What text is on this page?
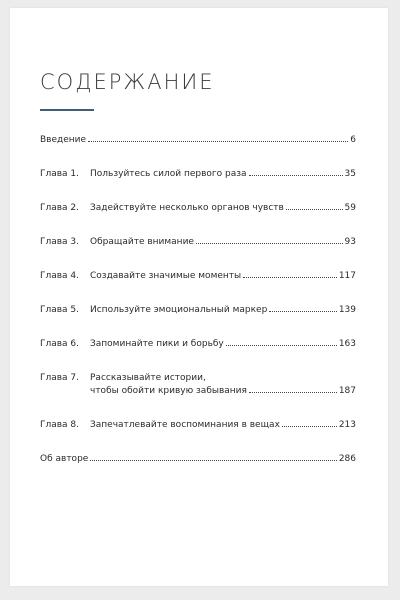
СОДЕРЖАНИЕ
Введение	6
Глава 1.	Пользуйтесь силой первого раза	35
Глава 2.	Задействуйте несколько органов чувств	59
Глава 3.	Обращайте внимание	93
Глава 4.	Создавайте значимые моменты	117
Глава 5.	Используйте эмоциональный маркер	139
Глава 6.	Запоминайте пики и борьбу	163
Глава 7.	Рассказывайте истории,
чтобы обойти кривую забывания	187
Глава 8.	Запечатлевайте воспоминания в вещах	213
Об авторе	286
